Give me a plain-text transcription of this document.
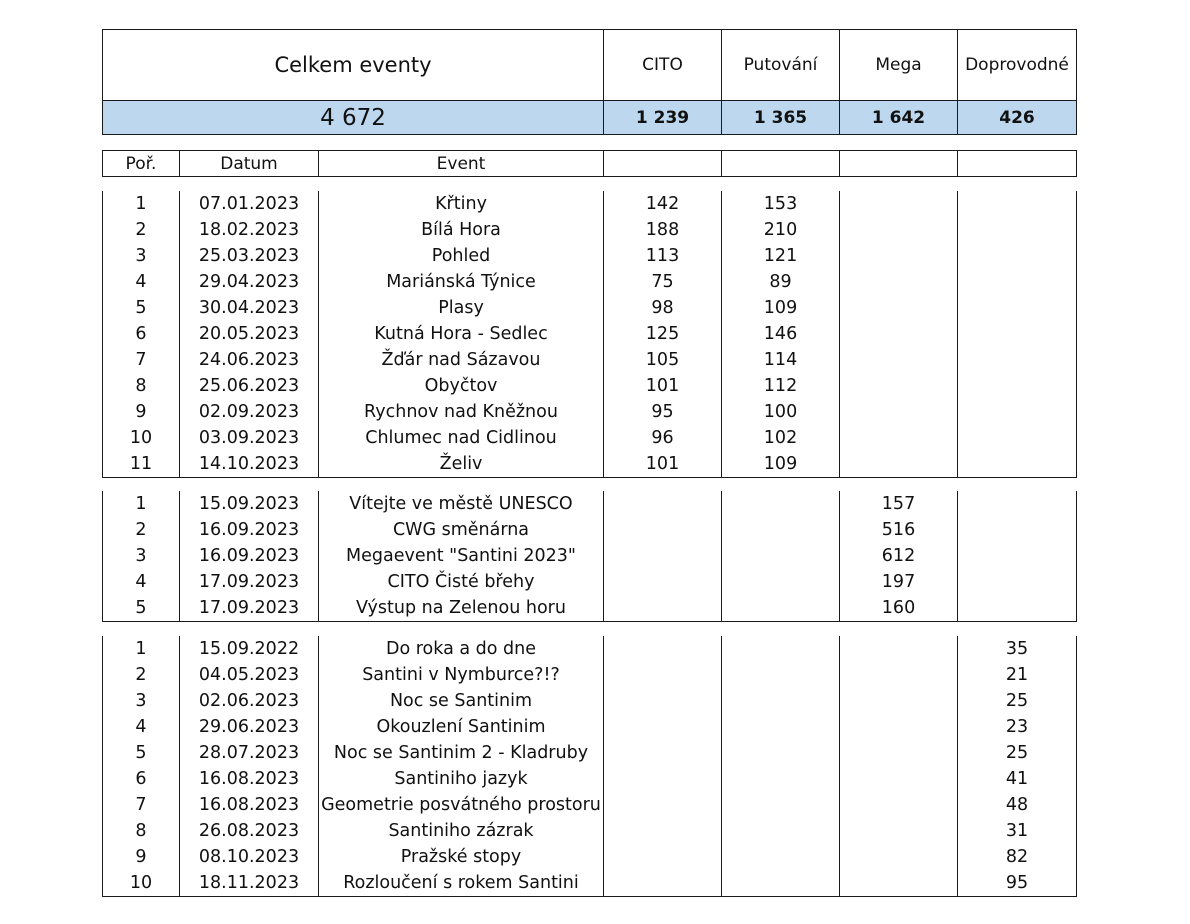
Celkem eventy	CITO	Putování	Mega	Doprovodné
4 672	1 239	1 365	1 642	426
Poř.	Datum	Event				
1	07.01.2023	Křtiny	142	153		
2	18.02.2023	Bílá Hora	188	210		
3	25.03.2023	Pohled	113	121		
4	29.04.2023	Mariánská Týnice	75	89		
5	30.04.2023	Plasy	98	109		
6	20.05.2023	Kutná Hora - Sedlec	125	146		
7	24.06.2023	Žďár nad Sázavou	105	114		
8	25.06.2023	Obyčtov	101	112		
9	02.09.2023	Rychnov nad Kněžnou	95	100		
10	03.09.2023	Chlumec nad Cidlinou	96	102		
11	14.10.2023	Želiv	101	109		
1	15.09.2023	Vítejte ve městě UNESCO			157	
2	16.09.2023	CWG směnárna			516	
3	16.09.2023	Megaevent "Santini 2023"			612	
4	17.09.2023	CITO Čisté břehy			197	
5	17.09.2023	Výstup na Zelenou horu			160	
1	15.09.2022	Do roka a do dne				35
2	04.05.2023	Santini v Nymburce?!?				21
3	02.06.2023	Noc se Santinim				25
4	29.06.2023	Okouzlení Santinim				23
5	28.07.2023	Noc se Santinim 2 - Kladruby				25
6	16.08.2023	Santiniho jazyk				41
7	16.08.2023	Geometrie posvátného prostoru				48
8	26.08.2023	Santiniho zázrak				31
9	08.10.2023	Pražské stopy				82
10	18.11.2023	Rozloučení s rokem Santini				95
